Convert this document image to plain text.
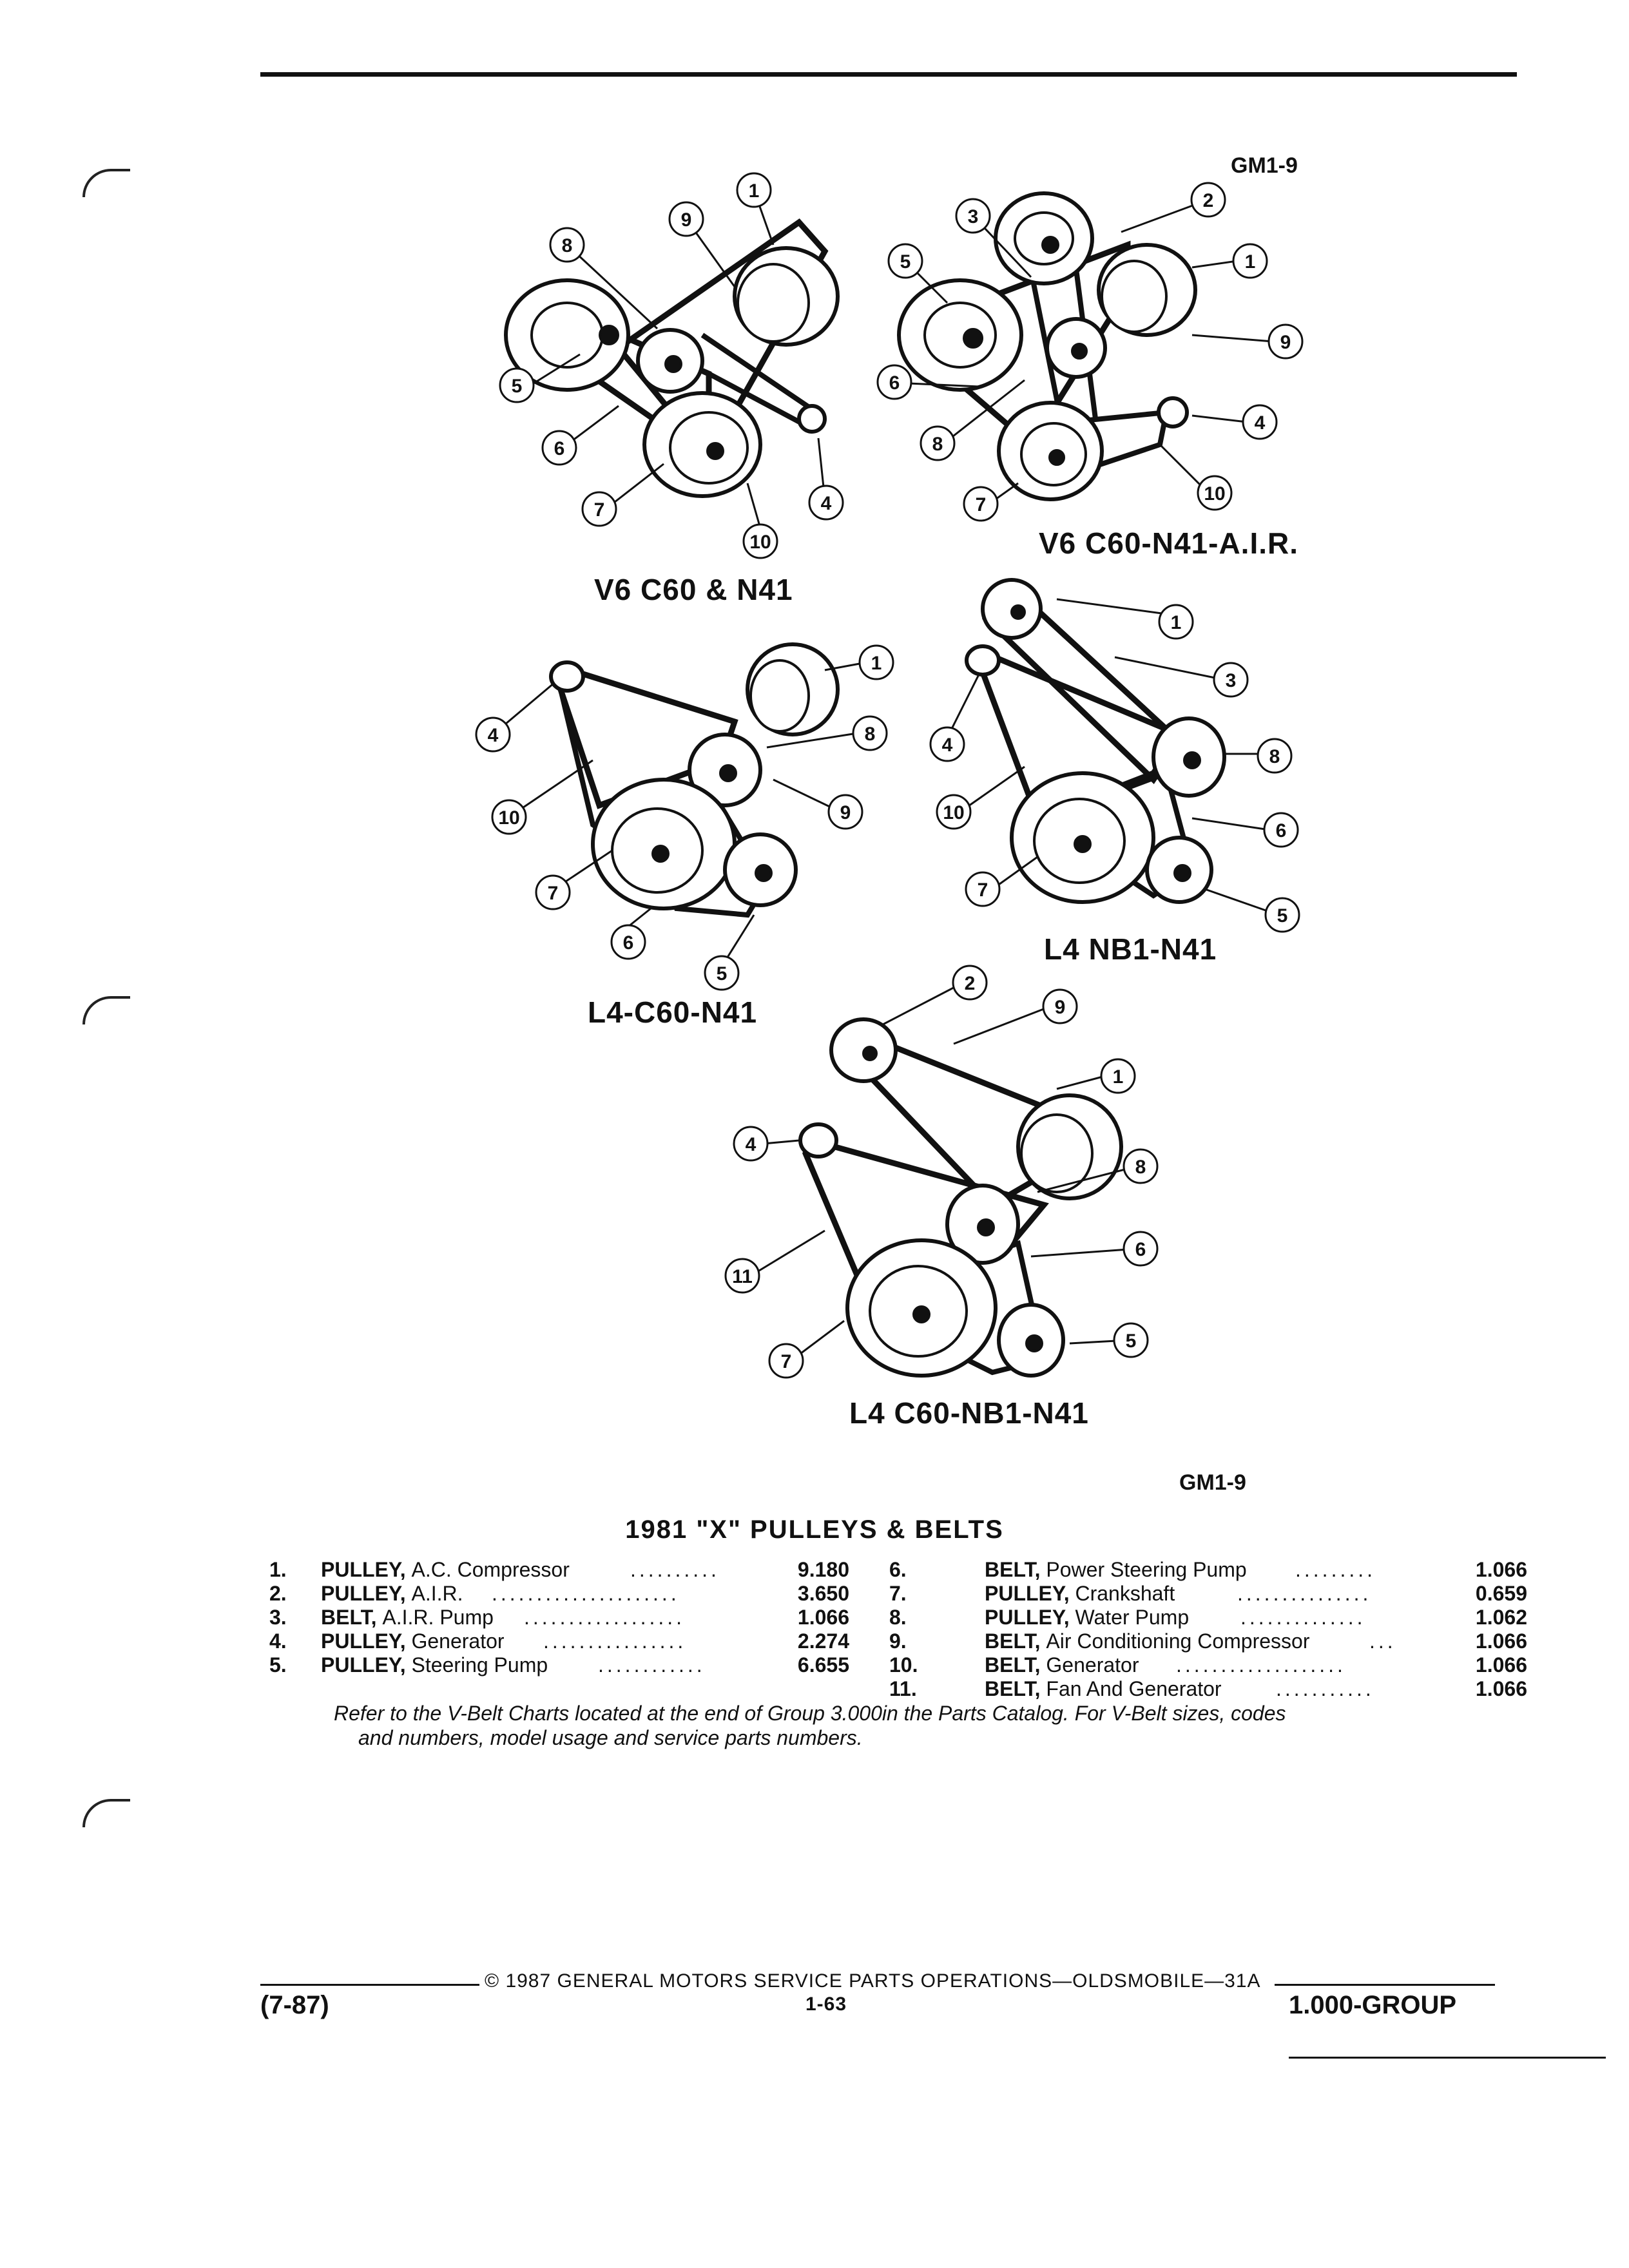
GM1-9
1
9
8
5
6
7
10
4
V6 C60 & N41
3
2
5	1
9
6
8
4
7
10
V6 C60-N41-A.I.R.
1
4	8
10	9
7
6
5
L4-C60-N41
1
3
4
8
10
6
7
5
L4 NB1-N41
2
9
1
4
8
6
11
7
5
L4 C60-NB1-N41
GM1-9
1981 "X" PULLEYS & BELTS
1. PULLEY, A.C. Compressor	9.180
2. PULLEY, A.I.R.	3.650
3. BELT, A.I.R. Pump	1.066
4. PULLEY, Generator	2.274
5. PULLEY, Steering Pump	6.655
..........
.....................
..................
................
............
6.	BELT, Power Steering Pump	1.066
7.	PULLEY, Crankshaft	0.659
8.	PULLEY, Water Pump	1.062
9.	BELT, Air Conditioning Compressor	1.066
10.	BELT, Generator	1.066
11.	BELT, Fan And Generator	1.066
.........
...............
..............
...
...................
...........
Refer to the V-Belt Charts located at the end of Group 3.000in the Parts Catalog. For V-Belt sizes, codes
and numbers, model usage and service parts numbers.
© 1987 GENERAL MOTORS SERVICE PARTS OPERATIONS—OLDSMOBILE—31A
(7-87)	1-63	1.000-GROUP
